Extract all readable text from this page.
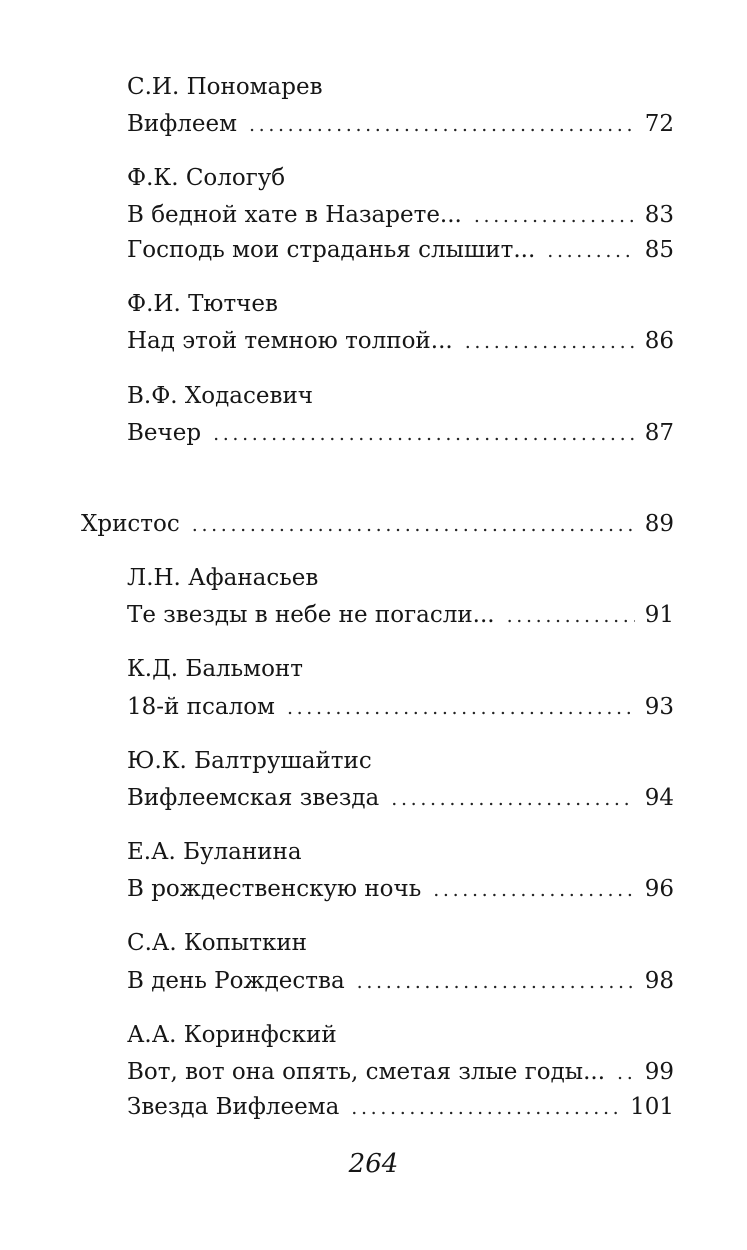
С.И. Пономарев
Вифлеем . . .	72
Ф.К. Сологуб
В бедной хате в Назарете... . . .	83
Господь мои страданья слышит... . . .	85
Ф.И. Тютчев
Над этой темною толпой... . . .	86
В.Ф. Ходасевич
Вечер . . .	87
Христос . . .	89
Л.Н. Афанасьев
Те звезды в небе не погасли... . . .	91
К.Д. Бальмонт
18-й псалом . . .	93
Ю.К. Балтрушайтис
Вифлеемская звезда . . .	94
Е.А. Буланина
В рождественскую ночь . . .	96
С.А. Копыткин
В день Рождества . . .	98
А.А. Коринфский
Вот, вот она опять, сметая злые годы... . . . 99
Звезда Вифлеема . . .	101
264
